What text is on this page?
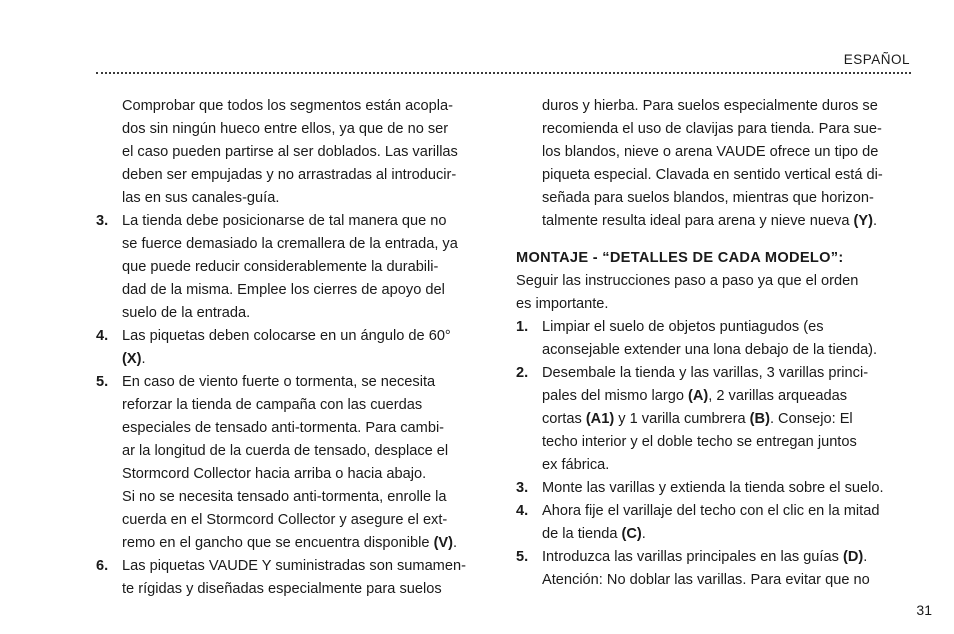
ESPAÑOL
Comprobar que todos los segmentos están acopla-
dos sin ningún hueco entre ellos, ya que de no ser
el caso pueden partirse al ser doblados. Las varillas
deben ser empujadas y no arrastradas al introducir-
las en sus canales-guía.
3. La tienda debe posicionarse de tal manera que no
se fuerce demasiado la cremallera de la entrada, ya
que puede reducir considerablemente la durabili-
dad de la misma. Emplee los cierres de apoyo del
suelo de la entrada.
4. Las piquetas deben colocarse en un ángulo de 60°
(X).
5. En caso de viento fuerte o tormenta, se necesita
reforzar la tienda de campaña con las cuerdas
especiales de tensado anti-tormenta. Para cambi-
ar la longitud de la cuerda de tensado, desplace el
Stormcord Collector hacia arriba o hacia abajo.
Si no se necesita tensado anti-tormenta, enrolle la
cuerda en el Stormcord Collector y asegure el ext-
remo en el gancho que se encuentra disponible (V).
6. Las piquetas VAUDE Y suministradas son sumamen-
te rígidas y diseñadas especialmente para suelos
duros y hierba. Para suelos especialmente duros se
recomienda el uso de clavijas para tienda. Para sue-
los blandos, nieve o arena VAUDE ofrece un tipo de
piqueta especial. Clavada en sentido vertical está di-
señada para suelos blandos, mientras que horizon-
talmente resulta ideal para arena y nieve nueva (Y).
MONTAJE - “DETALLES DE CADA MODELO”:
Seguir las instrucciones paso a paso ya que el orden
es importante.
1. Limpiar el suelo de objetos puntiagudos (es
aconsejable extender una lona debajo de la tienda).
2. Desembale la tienda y las varillas, 3 varillas princi-
pales del mismo largo (A), 2 varillas arqueadas
cortas (A1) y 1 varilla cumbrera (B). Consejo: El
techo interior y el doble techo se entregan juntos
ex fábrica.
3. Monte las varillas y extienda la tienda sobre el suelo.
4. Ahora fije el varillaje del techo con el clic en la mitad
de la tienda (C).
5. Introduzca las varillas principales en las guías (D).
Atención: No doblar las varillas. Para evitar que no
31
